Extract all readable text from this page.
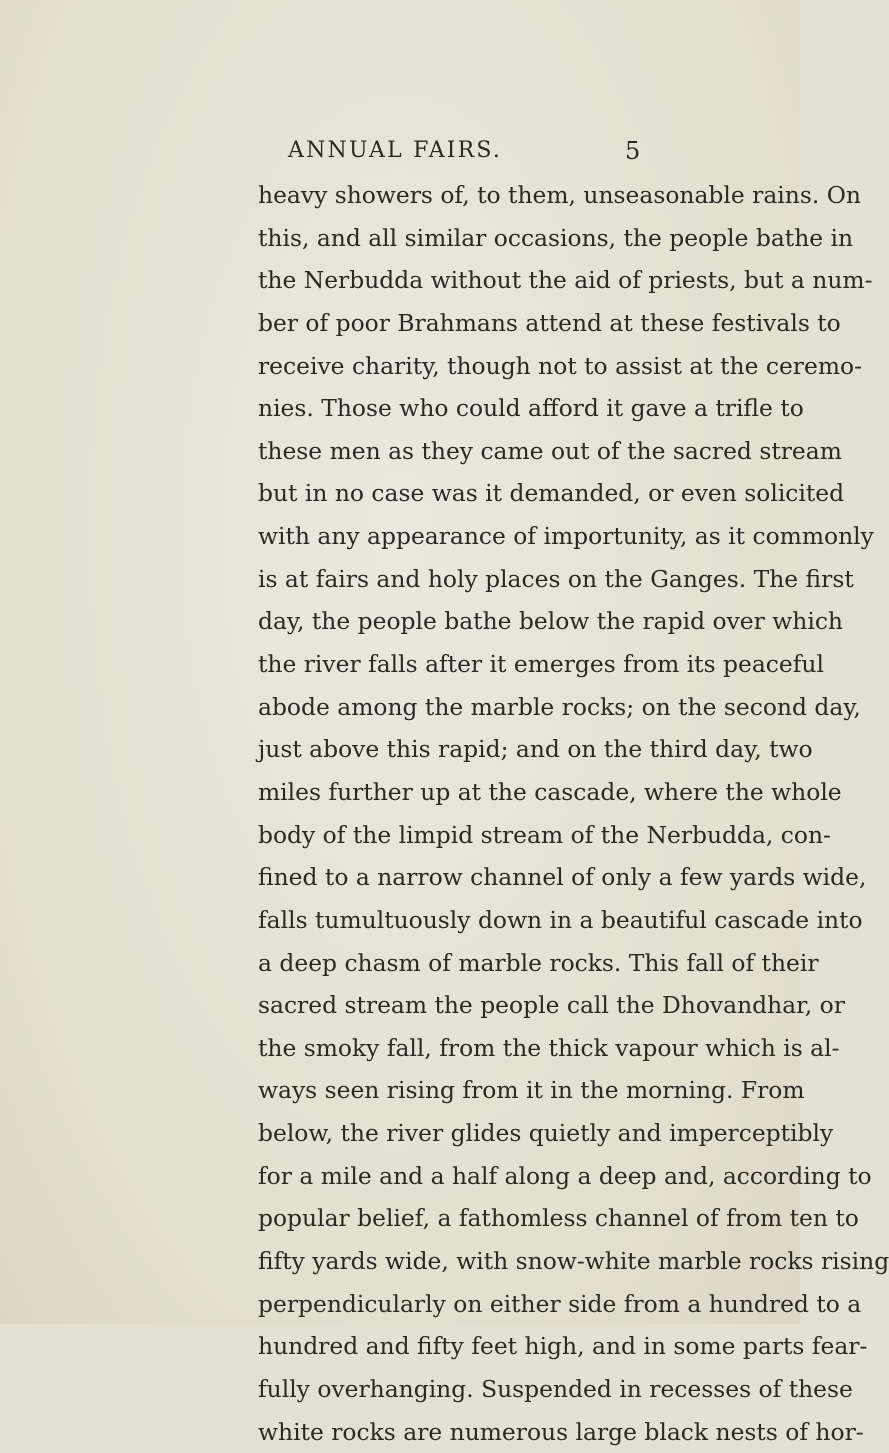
ANNUAL FAIRS.	5
heavy showers of, to them, unseasonable rains. On
this, and all similar occasions, the people bathe in
the Nerbudda without the aid of priests, but a num-
ber of poor Brahmans attend at these festivals to
receive charity, though not to assist at the ceremo-
nies. Those who could afford it gave a trifle to
these men as they came out of the sacred stream
but in no case was it demanded, or even solicited
with any appearance of importunity, as it commonly
is at fairs and holy places on the Ganges. The first
day, the people bathe below the rapid over which
the river falls after it emerges from its peaceful
abode among the marble rocks; on the second day,
just above this rapid; and on the third day, two
miles further up at the cascade, where the whole
body of the limpid stream of the Nerbudda, con-
fined to a narrow channel of only a few yards wide,
falls tumultuously down in a beautiful cascade into
a deep chasm of marble rocks. This fall of their
sacred stream the people call the Dhovandhar, or
the smoky fall, from the thick vapour which is al-
ways seen rising from it in the morning. From
below, the river glides quietly and imperceptibly
for a mile and a half along a deep and, according to
popular belief, a fathomless channel of from ten to
fifty yards wide, with snow-white marble rocks rising
perpendicularly on either side from a hundred to a
hundred and fifty feet high, and in some parts fear-
fully overhanging. Suspended in recesses of these
white rocks are numerous large black nests of hor-
